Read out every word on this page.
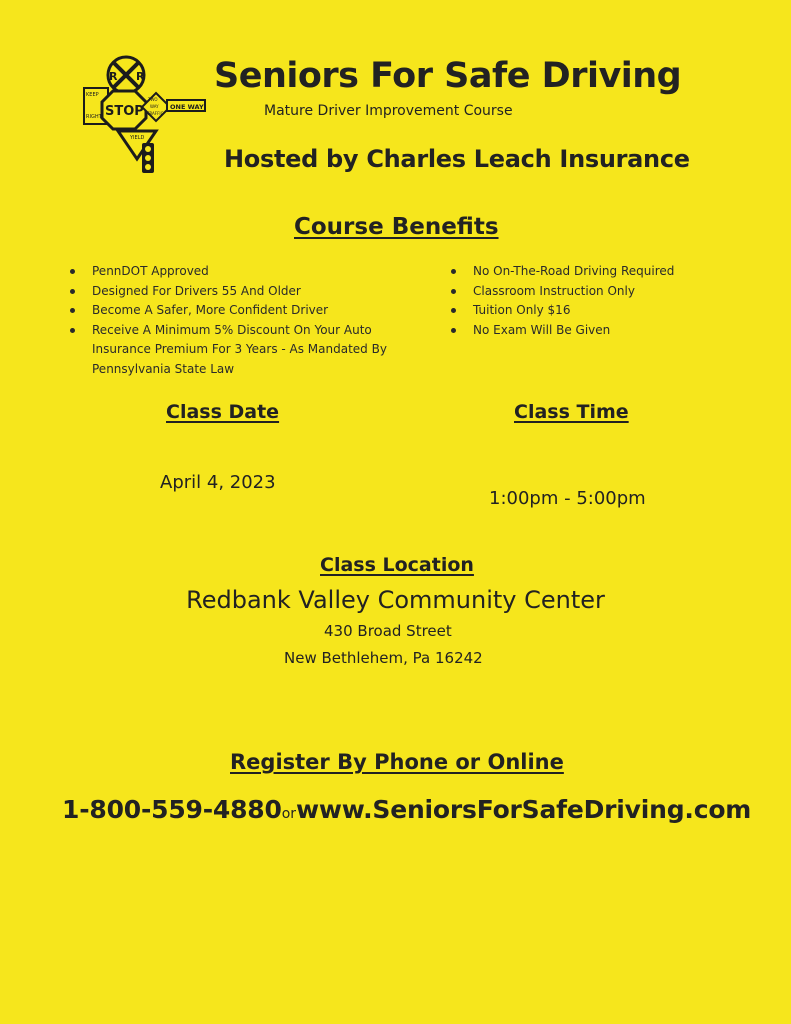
R R
KEEP
RIGHT STOP
TWO
WAY
TRAFFIC
ONE WAY
YIELD
Seniors For Safe Driving
Mature Driver Improvement Course
Hosted by Charles Leach Insurance
Course Benefits
PennDOT Approved
Designed For Drivers 55 And Older
Become A Safer, More Confident Driver
Receive A Minimum 5% Discount On Your Auto Insurance Premium For 3 Years - As Mandated By Pennsylvania State Law
No On-The-Road Driving Required
Classroom Instruction Only
Tuition Only $16
No Exam Will Be Given
Class Date	Class Time
April 4, 2023
1:00pm - 5:00pm
Class Location
Redbank Valley Community Center
430 Broad Street
New Bethlehem, Pa 16242
Register By Phone or Online
1-800-559-4880orwww.SeniorsForSafeDriving.com
